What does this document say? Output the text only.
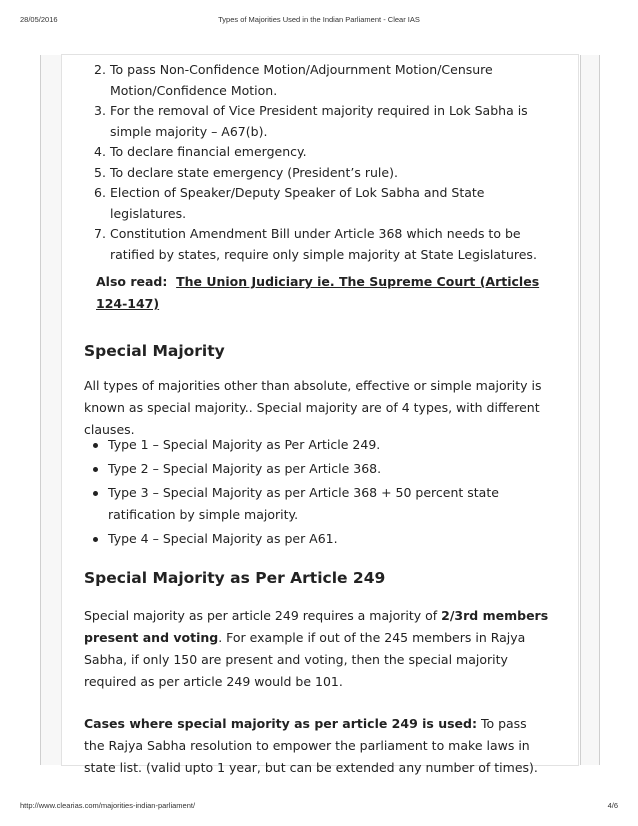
28/05/2016	Types of Majorities Used in the Indian Parliament - Clear IAS
2. To pass Non-Confidence Motion/Adjournment Motion/Censure Motion/Confidence Motion.
3. For the removal of Vice President majority required in Lok Sabha is simple majority – A67(b).
4. To declare financial emergency.
5. To declare state emergency (President’s rule).
6. Election of Speaker/Deputy Speaker of Lok Sabha and State legislatures.
7. Constitution Amendment Bill under Article 368 which needs to be ratified by states, require only simple majority at State Legislatures.

Also read: The Union Judiciary ie. The Supreme Court (Articles 124-147)

Special Majority

All types of majorities other than absolute, effective or simple majority is known as special majority.. Special majority are of 4 types, with different clauses.

Type 1 – Special Majority as Per Article 249.
Type 2 – Special Majority as per Article 368.
Type 3 – Special Majority as per Article 368 + 50 percent state ratification by simple majority.
Type 4 – Special Majority as per A61.
Special Majority as Per Article 249

Special majority as per article 249 requires a majority of 2/3rd members present and voting. For example if out of the 245 members in Rajya Sabha, if only 150 are present and voting, then the special majority required as per article 249 would be 101.

Cases where special majority as per article 249 is used: To pass the Rajya Sabha resolution to empower the parliament to make laws in state list. (valid upto 1 year, but can be extended any number of times).

http://www.clearias.com/majorities-indian-parliament/	4/6
